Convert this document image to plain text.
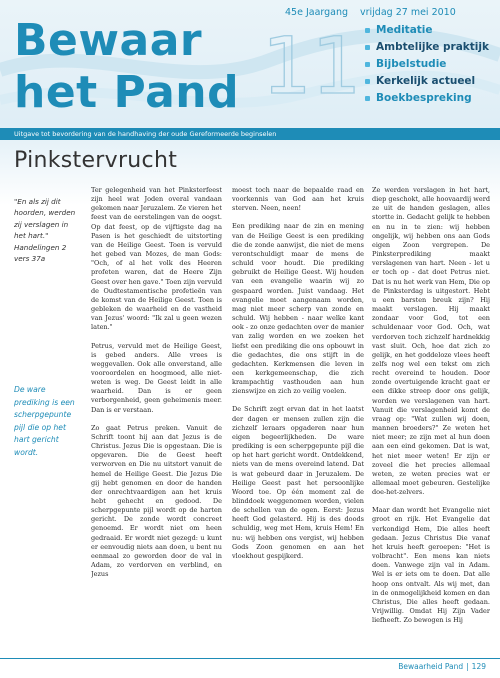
Bewaar
het Pand 11
45e Jaargang vrijdag 27 mei 2010
Meditatie
Ambtelijke praktijk
Bijbelstudie
Kerkelijk actueel
Boekbespreking
Uitgave tot bevordering van de handhaving der oude Gereformeerde beginselen
Pinkstervrucht
"En als zij dit hoorden, werden zij verslagen in het hart." Handelingen 2 vers 37a
De ware prediking is een scherpgepunte pijl die op het hart gericht wordt.

Ter gelegenheid van het Pinksterfeest zijn heel wat Joden overal vandaan gekomen naar Jeruzalem. Ze vieren het feest van de eerstelingen van de oogst. Op dat feest, op de vijftigste dag na Pasen is het geschiedt de uitstorting van de Heilige Geest. Toen is vervuld het gebed van Mozes, de man Gods: "Och, of al het volk des Heeren profeten waren, dat de Heere Zijn Geest over hen gave." Toen zijn vervuld de Oudtestamentische profetieën van de komst van de Heilige Geest. Toen is gebleken de waarheid en de vastheid van Jezus' woord: "Ik zal u geen wezen laten."

Petrus, vervuld met de Heilige Geest, is gebed anders. Alle vrees is weggevallen. Ook alle onverstand, alle vooroordelen en hoogmoed, alle niet-weten is weg. De Geest leidt in alle waarheid. Dan is er geen verborgenheid, geen geheimenis meer. Dan is er verstaan.

Zo gaat Petrus preken. Vanuit de Schrift toont hij aan dat Jezus is de Christus. Jezus Die is opgestaan. Die is opgevaren. Die de Geest heeft verworven en Die nu uitstort vanuit de hemel de Heilige Geest. Die Jezus Die gij hebt genomen en door de handen der onrechtvaardigen aan het kruis hebt gehecht en gedood. De scherpgepunte pijl wordt op de harten gericht. De zonde wordt concreet genoemd. Er wordt niet om heen gedraaid. Er wordt niet gezegd: u kunt er eenvoudig niets aan doen, u bent nu eenmaal zo geworden door de val in Adam, zo verdorven en verblind, en Jezus

moest toch naar de bepaalde raad en voorkennis van God aan het kruis sterven. Neen, neen!

Een prediking naar de zin en mening van de Heilige Geest is een prediking die de zonde aanwijst, die niet de mens verontschuldigt maar de mens de schuld voor houdt. Die prediking gebruikt de Heilige Geest. Wij houden van een evangelie waarin wij zo gespaard worden. Juist vandaag. Het evangelie moet aangenaam worden, mag niet meer scherp van zonde en schuld. Wij hebben - naar welke kant ook - zo onze gedachten over de manier van zalig worden en we zoeken het liefst een prediking die ons opbouwt in die gedachtes, die ons stijft in de gedachten. Kerkmensen die leven in een kerkgemeenschap, die zich krampachtig vasthouden aan hun zienswijze en zich zo veilig voelen.

De Schrift zegt ervan dat in het laatst der dagen er mensen zullen zijn die zichzelf leraars opgaderen naar hun eigen begeerlijkheden. De ware prediking is een scherpgepunte pijl die op het hart gericht wordt. Ontdekkend, niets van de mens overeind latend. Dat is wat gebeurd daar in Jeruzalem. De Heilige Geest past het persoonlijke Woord toe. Op één moment zal de blinddoek weggenomen worden, vielen de schellen van de ogen. Eerst: Jezus heeft God gelasterd. Hij is des doods schuldig, weg met Hem, kruis Hem! En nu: wij hebben ons vergist, wij hebben Gods Zoon genomen en aan het vloekhout gespijkerd.

Ze werden verslagen in het hart, diep geschokt, alle hoovaardij werd ze uit de handen geslagen, alles stortte in. Gedacht gelijk te hebben en nu in te zien: wij hebben ongelijk, wij hebben ons aan Gods eigen Zoon vergrepen. De Pinksterprediking maakt verslagenen van hart. Neen - let u er toch op - dat doet Petrus niet. Dat is nu het werk van Hem, Die op de Pinksterdag is uitgestort. Hebt u een barsten breuk zijn? Hij maakt verslagen. Hij maakt zondaar voor God, tot een schuldenaar voor God. Och, wat verdorven toch zichzelf hardnekkig vast sluit. Och, hoe dat zich zo gelijk, en het goddeloze vlees heeft zelfs nog wel een tekst om zich recht overeind te houden. Door zonde overtuigende kracht gaat er een dikke streep door ons gelijk, worden we verslagenen van hart. Vanuit die verslagenheid komt de vraag op: "Wat zullen wij doen, mannen broeders?" Ze weten het niet meer; ze zijn met al hun doen aan een eind gekomen. Dat is wat, het niet meer weten! Er zijn er zoveel die het precies allemaal weten, ze weten precies wat er allemaal moet gebeuren. Gestelijke doe-het-zelvers.

Maar dan wordt het Evangelie niet groot en rijk. Het Evangelie dat verkondigd Hem, Die alles heeft gedaan. Jezus Christus Die vanaf het kruis heeft geroepen: "Het is volbracht". Een mens kan niets doen. Vanwege zijn val in Adam. Wel is er iets om te doen. Dat alle hoop ons ontvalt. Als wij met, dan in de onmogelijkheid komen en dan Christus, Die alles heeft gedaan. Vrijwillig. Omdat Hij Zijn Vader liefheeft. Zo bewogen is Hij

Bewaarheid Pand | 129
